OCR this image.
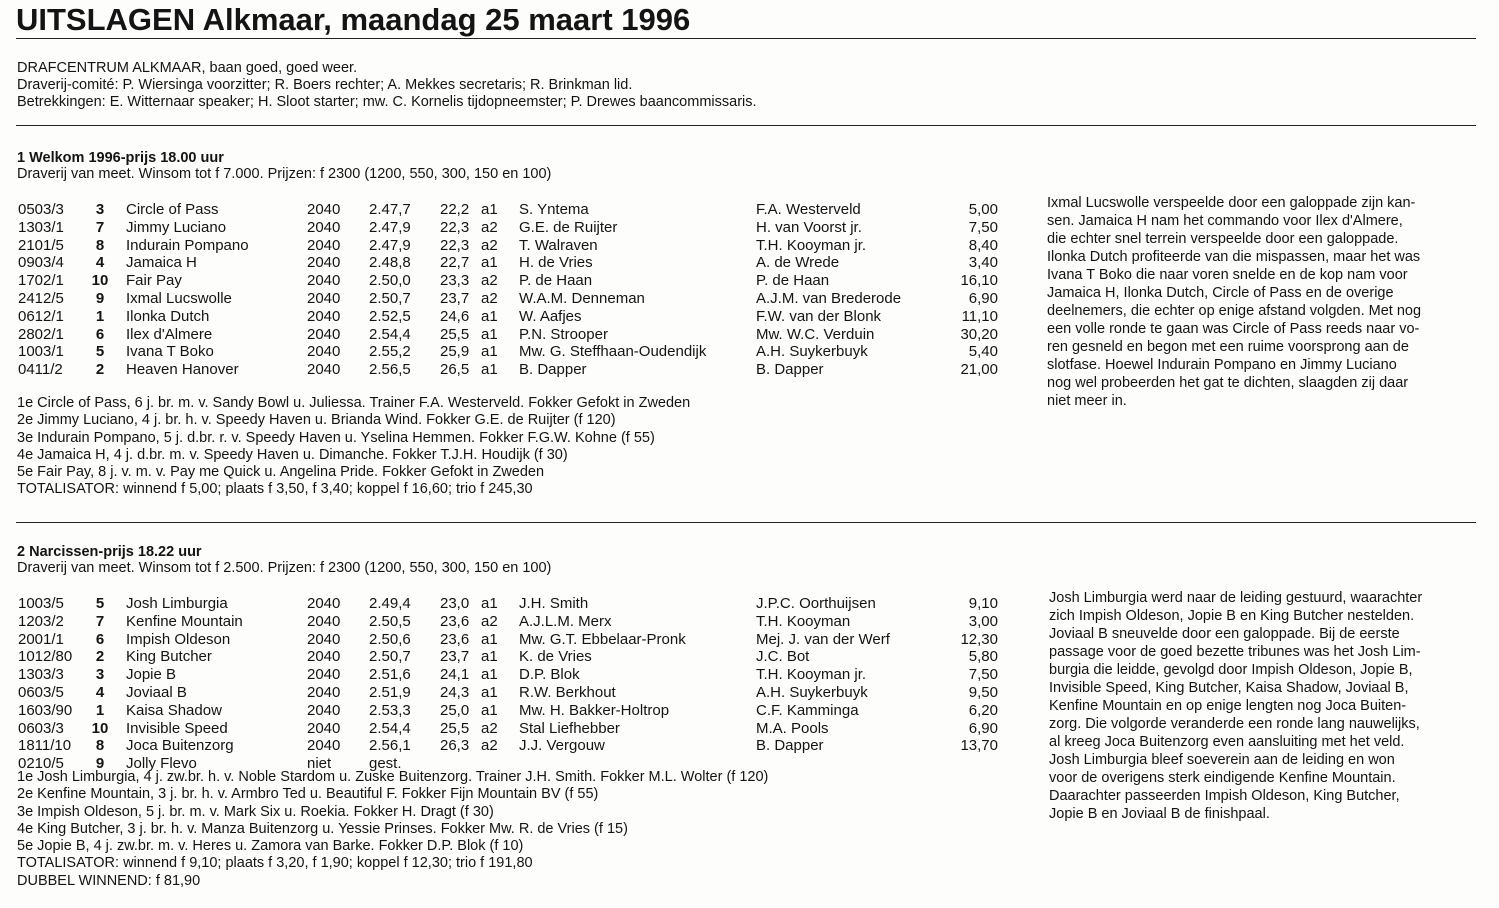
UITSLAGEN Alkmaar, maandag 25 maart 1996
DRAFCENTRUM ALKMAAR, baan goed, goed weer.
Draverij-comité: P. Wiersinga voorzitter; R. Boers rechter; A. Mekkes secretaris; R. Brinkman lid.
Betrekkingen: E. Witternaar speaker; H. Sloot starter; mw. C. Kornelis tijdopneemster; P. Drewes baancommissaris.
1 Welkom 1996-prijs 18.00 uur
Draverij van meet. Winsom tot f 7.000. Prijzen: f 2300 (1200, 550, 300, 150 en 100)
0503/3	3	Circle of Pass	2040 2.47,7 22,2 a1 S. Yntema	F.A. Westerveld	5,00
1303/1	7	Jimmy Luciano	2040 2.47,9 22,3 a2 G.E. de Ruijter	H. van Voorst jr.	7,50
2101/5	8	Indurain Pompano	2040 2.47,9 22,3 a2 T. Walraven	T.H. Kooyman jr.	8,40
0903/4	4	Jamaica H	2040 2.48,8 22,7 a1 H. de Vries	A. de Wrede	3,40
1702/1 10 Fair Pay	2040 2.50,0 23,3 a2 P. de Haan	P. de Haan	16,10
2412/5	9	Ixmal Lucswolle	2040 2.50,7 23,7 a2 W.A.M. Denneman	A.J.M. van Brederode	6,90
0612/1	1	Ilonka Dutch	2040 2.52,5 24,6 a1 W. Aafjes	F.W. van der Blonk	11,10
2802/1	6	Ilex d'Almere	2040 2.54,4 25,5 a1 P.N. Strooper	Mw. W.C. Verduin	30,20
1003/1	5	Ivana T Boko	2040 2.55,2 25,9 a1 Mw. G. Steffhaan-Oudendijk	A.H. Suykerbuyk	5,40
0411/2	2	Heaven Hanover	2040 2.56,5 26,5 a1 B. Dapper	B. Dapper	21,00
1e Circle of Pass, 6 j. br. m. v. Sandy Bowl u. Juliessa. Trainer F.A. Westerveld. Fokker Gefokt in Zweden
2e Jimmy Luciano, 4 j. br. h. v. Speedy Haven u. Brianda Wind. Fokker G.E. de Ruijter (f 120)
3e Indurain Pompano, 5 j. d.br. r. v. Speedy Haven u. Yselina Hemmen. Fokker F.G.W. Kohne (f 55)
4e Jamaica H, 4 j. d.br. m. v. Speedy Haven u. Dimanche. Fokker T.J.H. Houdijk (f 30)
5e Fair Pay, 8 j. v. m. v. Pay me Quick u. Angelina Pride. Fokker Gefokt in Zweden
TOTALISATOR: winnend f 5,00; plaats f 3,50, f 3,40; koppel f 16,60; trio f 245,30
Ixmal Lucswolle verspeelde door een galoppade zijn kan-
sen. Jamaica H nam het commando voor Ilex d'Almere,
die echter snel terrein verspeelde door een galoppade.
Ilonka Dutch profiteerde van die mispassen, maar het was
Ivana T Boko die naar voren snelde en de kop nam voor
Jamaica H, Ilonka Dutch, Circle of Pass en de overige
deelnemers, die echter op enige afstand volgden. Met nog
een volle ronde te gaan was Circle of Pass reeds naar vo-
ren gesneld en begon met een ruime voorsprong aan de
slotfase. Hoewel Indurain Pompano en Jimmy Luciano
nog wel probeerden het gat te dichten, slaagden zij daar
niet meer in.
2 Narcissen-prijs 18.22 uur
Draverij van meet. Winsom tot f 2.500. Prijzen: f 2300 (1200, 550, 300, 150 en 100)
1003/5	5	Josh Limburgia	2040 2.49,4 23,0 a1 J.H. Smith	J.P.C. Oorthuijsen	9,10
1203/2	7	Kenfine Mountain	2040 2.50,5 23,6 a2 A.J.L.M. Merx	T.H. Kooyman	3,00
2001/1	6	Impish Oldeson	2040 2.50,6 23,6 a1 Mw. G.T. Ebbelaar-Pronk	Mej. J. van der Werf	12,30
1012/80	2	King Butcher	2040 2.50,7 23,7 a1 K. de Vries	J.C. Bot	5,80
1303/3	3	Jopie B	2040 2.51,6 24,1 a1 D.P. Blok	T.H. Kooyman jr.	7,50
0603/5	4	Joviaal B	2040 2.51,9 24,3 a1 R.W. Berkhout	A.H. Suykerbuyk	9,50
1603/90	1	Kaisa Shadow	2040 2.53,3 25,0 a1 Mw. H. Bakker-Holtrop	C.F. Kamminga	6,20
0603/3 10 Invisible Speed	2040 2.54,4 25,5 a2 Stal Liefhebber	M.A. Pools	6,90
1811/10	8	Joca Buitenzorg	2040 2.56,1 26,3 a2 J.J. Vergouw	B. Dapper	13,70
0210/5	9	Jolly Flevo	niet	gest.
1e Josh Limburgia, 4 j. zw.br. h. v. Noble Stardom u. Zuske Buitenzorg. Trainer J.H. Smith. Fokker M.L. Wolter (f 120)
2e Kenfine Mountain, 3 j. br. h. v. Armbro Ted u. Beautiful F. Fokker Fijn Mountain BV (f 55)
3e Impish Oldeson, 5 j. br. m. v. Mark Six u. Roekia. Fokker H. Dragt (f 30)
4e King Butcher, 3 j. br. h. v. Manza Buitenzorg u. Yessie Prinses. Fokker Mw. R. de Vries (f 15)
5e Jopie B, 4 j. zw.br. m. v. Heres u. Zamora van Barke. Fokker D.P. Blok (f 10)
TOTALISATOR: winnend f 9,10; plaats f 3,20, f 1,90; koppel f 12,30; trio f 191,80
DUBBEL WINNEND: f 81,90
Josh Limburgia werd naar de leiding gestuurd, waarachter
zich Impish Oldeson, Jopie B en King Butcher nestelden.
Joviaal B sneuvelde door een galoppade. Bij de eerste
passage voor de goed bezette tribunes was het Josh Lim-
burgia die leidde, gevolgd door Impish Oldeson, Jopie B,
Invisible Speed, King Butcher, Kaisa Shadow, Joviaal B,
Kenfine Mountain en op enige lengten nog Joca Buiten-
zorg. Die volgorde veranderde een ronde lang nauwelijks,
al kreeg Joca Buitenzorg even aansluiting met het veld.
Josh Limburgia bleef soeverein aan de leiding en won
voor de overigens sterk eindigende Kenfine Mountain.
Daarachter passeerden Impish Oldeson, King Butcher,
Jopie B en Joviaal B de finishpaal.
